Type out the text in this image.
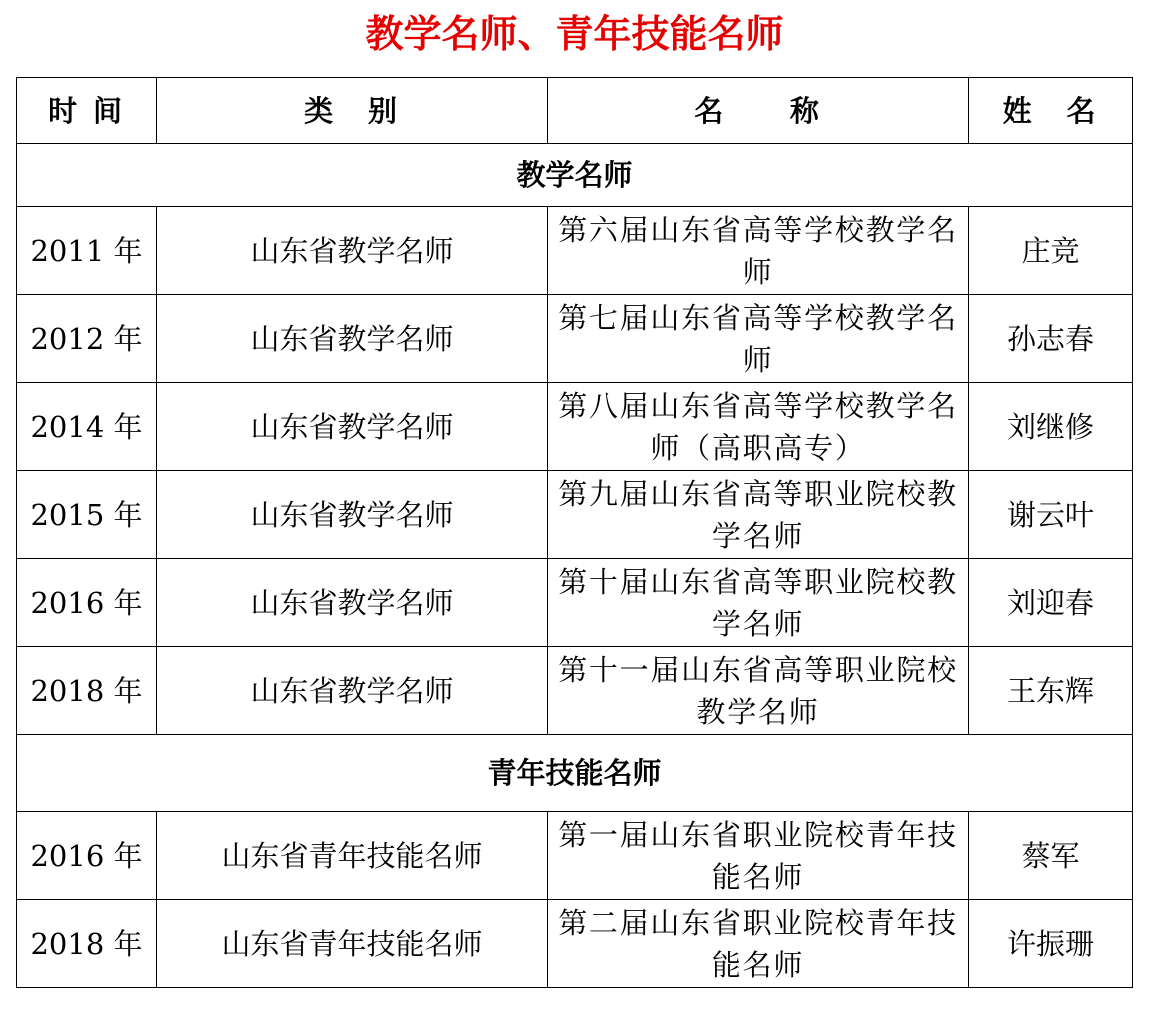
教学名师、青年技能名师
时 间	类　别	名　　称	姓　名
教学名师			
2011 年	山东省教学名师	第六届山东省高等学校教学名师	庄竞
2012 年	山东省教学名师	第七届山东省高等学校教学名师	孙志春
2014 年	山东省教学名师	第八届山东省高等学校教学名师（高职高专）	刘继修
2015 年	山东省教学名师	第九届山东省高等职业院校教学名师	谢云叶
2016 年	山东省教学名师	第十届山东省高等职业院校教学名师	刘迎春
2018 年	山东省教学名师	第十一届山东省高等职业院校教学名师	王东辉
青年技能名师			
2016 年	山东省青年技能名师	第一届山东省职业院校青年技能名师	蔡军
2018 年	山东省青年技能名师	第二届山东省职业院校青年技能名师	许振珊
